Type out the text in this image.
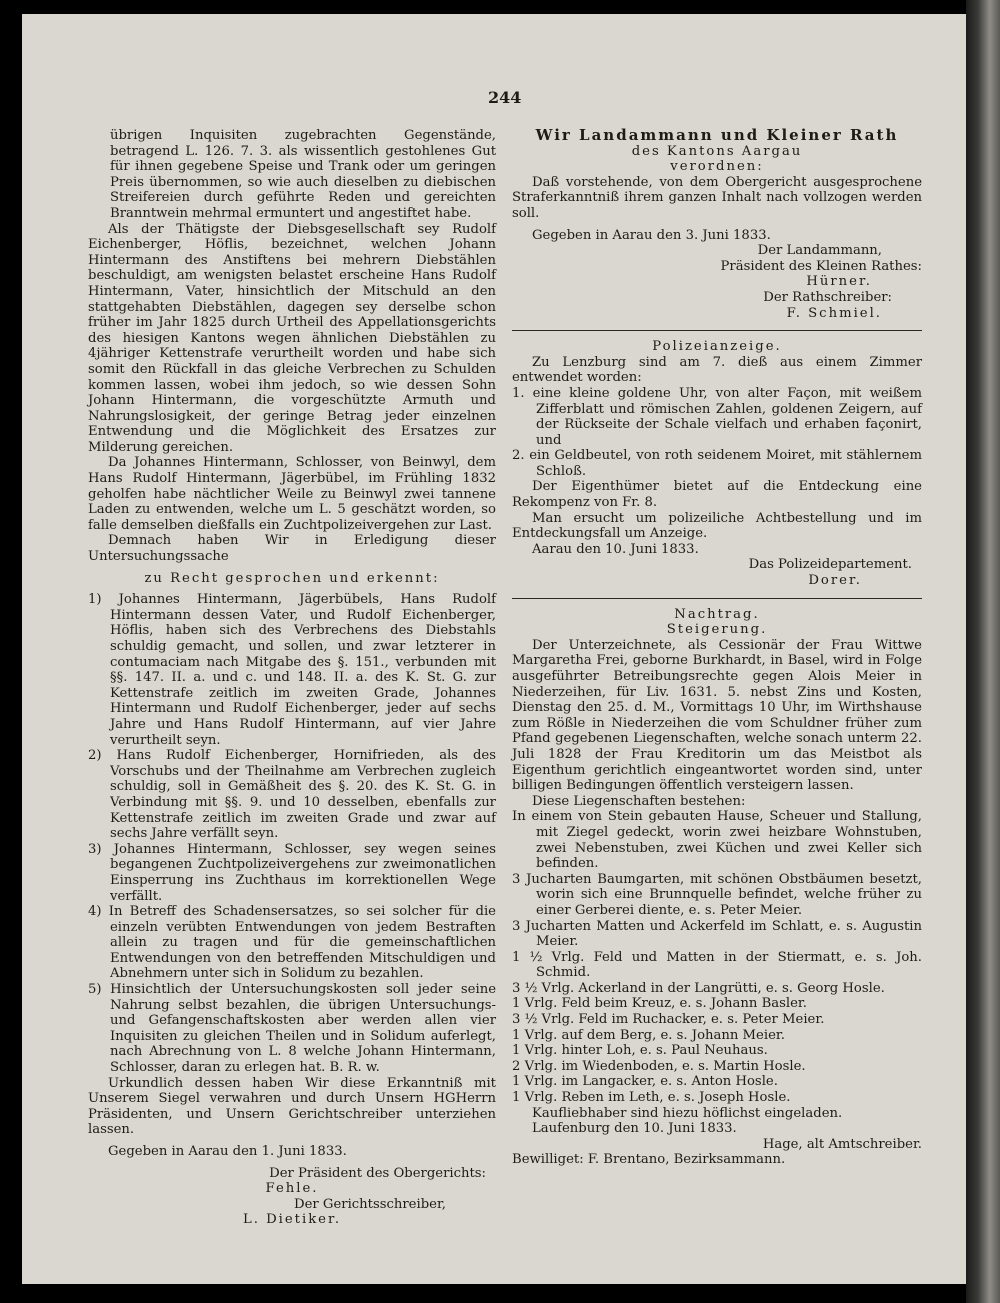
244

übrigen Inquisiten zugebrachten Gegenstände, betragend L. 126. 7. 3. als wissentlich gestohlenes Gut für ihnen gegebene Speise und Trank oder um geringen Preis übernommen, so wie auch dieselben zu diebischen Streifereien durch geführte Reden und gereichten Branntwein mehrmal ermuntert und angestiftet habe.

Als der Thätigste der Diebsgesellschaft sey Rudolf Eichenberger, Höflis, bezeichnet, welchen Johann Hintermann des Anstiftens bei mehrern Diebstählen beschuldigt, am wenigsten belastet erscheine Hans Rudolf Hintermann, Vater, hinsichtlich der Mitschuld an den stattgehabten Diebstählen, dagegen sey derselbe schon früher im Jahr 1825 durch Urtheil des Appellationsgerichts des hiesigen Kantons wegen ähnlichen Diebstählen zu 4jähriger Kettenstrafe verurtheilt worden und habe sich somit den Rückfall in das gleiche Verbrechen zu Schulden kommen lassen, wobei ihm jedoch, so wie dessen Sohn Johann Hintermann, die vorgeschützte Armuth und Nahrungslosigkeit, der geringe Betrag jeder einzelnen Entwendung und die Möglichkeit des Ersatzes zur Milderung gereichen.

Da Johannes Hintermann, Schlosser, von Beinwyl, dem Hans Rudolf Hintermann, Jägerbübel, im Frühling 1832 geholfen habe nächtlicher Weile zu Beinwyl zwei tannene Laden zu entwenden, welche um L. 5 geschätzt worden, so falle demselben dießfalls ein Zuchtpolizeivergehen zur Last.

Demnach haben Wir in Erledigung dieser Untersuchungssache

zu Recht gesprochen und erkennt:

1) Johannes Hintermann, Jägerbübels, Hans Rudolf Hintermann dessen Vater, und Rudolf Eichenberger, Höflis, haben sich des Verbrechens des Diebstahls schuldig gemacht, und sollen, und zwar letzterer in contumaciam nach Mitgabe des §. 151., verbunden mit §§. 147. II. a. und c. und 148. II. a. des K. St. G. zur Kettenstrafe zeitlich im zweiten Grade, Johannes Hintermann und Rudolf Eichenberger, jeder auf sechs Jahre und Hans Rudolf Hintermann, auf vier Jahre verurtheilt seyn.

2) Hans Rudolf Eichenberger, Hornifrieden, als des Vorschubs und der Theilnahme am Verbrechen zugleich schuldig, soll in Gemäßheit des §. 20. des K. St. G. in Verbindung mit §§. 9. und 10 desselben, ebenfalls zur Kettenstrafe zeitlich im zweiten Grade und zwar auf sechs Jahre verfällt seyn.

3) Johannes Hintermann, Schlosser, sey wegen seines begangenen Zuchtpolizeivergehens zur zweimonatlichen Einsperrung ins Zuchthaus im korrektionellen Wege verfällt.

4) In Betreff des Schadensersatzes, so sei solcher für die einzeln verübten Entwendungen von jedem Bestraften allein zu tragen und für die gemeinschaftlichen Entwendungen von den betreffenden Mitschuldigen und Abnehmern unter sich in Solidum zu bezahlen.

5) Hinsichtlich der Untersuchungskosten soll jeder seine Nahrung selbst bezahlen, die übrigen Untersuchungs- und Gefangenschaftskosten aber werden allen vier Inquisiten zu gleichen Theilen und in Solidum auferlegt, nach Abrechnung von L. 8 welche Johann Hintermann, Schlosser, daran zu erlegen hat. B. R. w.

Urkundlich dessen haben Wir diese Erkanntniß mit Unserem Siegel verwahren und durch Unsern HGHerrn Präsidenten, und Unsern Gerichtschreiber unterziehen lassen.

Gegeben in Aarau den 1. Juni 1833.

Der Präsident des Obergerichts:

Fehle.

Der Gerichtsschreiber,

L. Dietiker.

Wir Landammann und Kleiner Rath

des Kantons Aargau

verordnen:

Daß vorstehende, von dem Obergericht ausgesprochene Straferkanntniß ihrem ganzen Inhalt nach vollzogen werden soll.

Gegeben in Aarau den 3. Juni 1833.

Der Landammann,

Präsident des Kleinen Rathes:

Hürner.

Der Rathschreiber:

F. Schmiel.

Polizeianzeige.

Zu Lenzburg sind am 7. dieß aus einem Zimmer entwendet worden:

1. eine kleine goldene Uhr, von alter Façon, mit weißem Zifferblatt und römischen Zahlen, goldenen Zeigern, auf der Rückseite der Schale vielfach und erhaben façonirt, und

2. ein Geldbeutel, von roth seidenem Moiret, mit stählernem Schloß.

Der Eigenthümer bietet auf die Entdeckung eine Rekompenz von Fr. 8.

Man ersucht um polizeiliche Achtbestellung und im Entdeckungsfall um Anzeige.

Aarau den 10. Juni 1833.

Das Polizeidepartement.

Dorer.

Nachtrag.

Steigerung.

Der Unterzeichnete, als Cessionär der Frau Wittwe Margaretha Frei, geborne Burkhardt, in Basel, wird in Folge ausgeführter Betreibungsrechte gegen Alois Meier in Niederzeihen, für Liv. 1631. 5. nebst Zins und Kosten, Dienstag den 25. d. M., Vormittags 10 Uhr, im Wirthshause zum Rößle in Niederzeihen die vom Schuldner früher zum Pfand gegebenen Liegenschaften, welche sonach unterm 22. Juli 1828 der Frau Kreditorin um das Meistbot als Eigenthum gerichtlich eingeantwortet worden sind, unter billigen Bedingungen öffentlich versteigern lassen.

Diese Liegenschaften bestehen:

In einem von Stein gebauten Hause, Scheuer und Stallung, mit Ziegel gedeckt, worin zwei heizbare Wohnstuben, zwei Nebenstuben, zwei Küchen und zwei Keller sich befinden.

3 Jucharten Baumgarten, mit schönen Obstbäumen besetzt, worin sich eine Brunnquelle befindet, welche früher zu einer Gerberei diente, e. s. Peter Meier.

3 Jucharten Matten und Ackerfeld im Schlatt, e. s. Augustin Meier.

1 ½ Vrlg. Feld und Matten in der Stiermatt, e. s. Joh. Schmid.

3 ½ Vrlg. Ackerland in der Langrütti, e. s. Georg Hosle.

1 Vrlg. Feld beim Kreuz, e. s. Johann Basler.

3 ½ Vrlg. Feld im Ruchacker, e. s. Peter Meier.

1 Vrlg. auf dem Berg, e. s. Johann Meier.

1 Vrlg. hinter Loh, e. s. Paul Neuhaus.

2 Vrlg. im Wiedenboden, e. s. Martin Hosle.

1 Vrlg. im Langacker, e. s. Anton Hosle.

1 Vrlg. Reben im Leth, e. s. Joseph Hosle.

Kaufliebhaber sind hiezu höflichst eingeladen.

Laufenburg den 10. Juni 1833.

Hage, alt Amtschreiber.

Bewilliget: F. Brentano, Bezirksammann.
